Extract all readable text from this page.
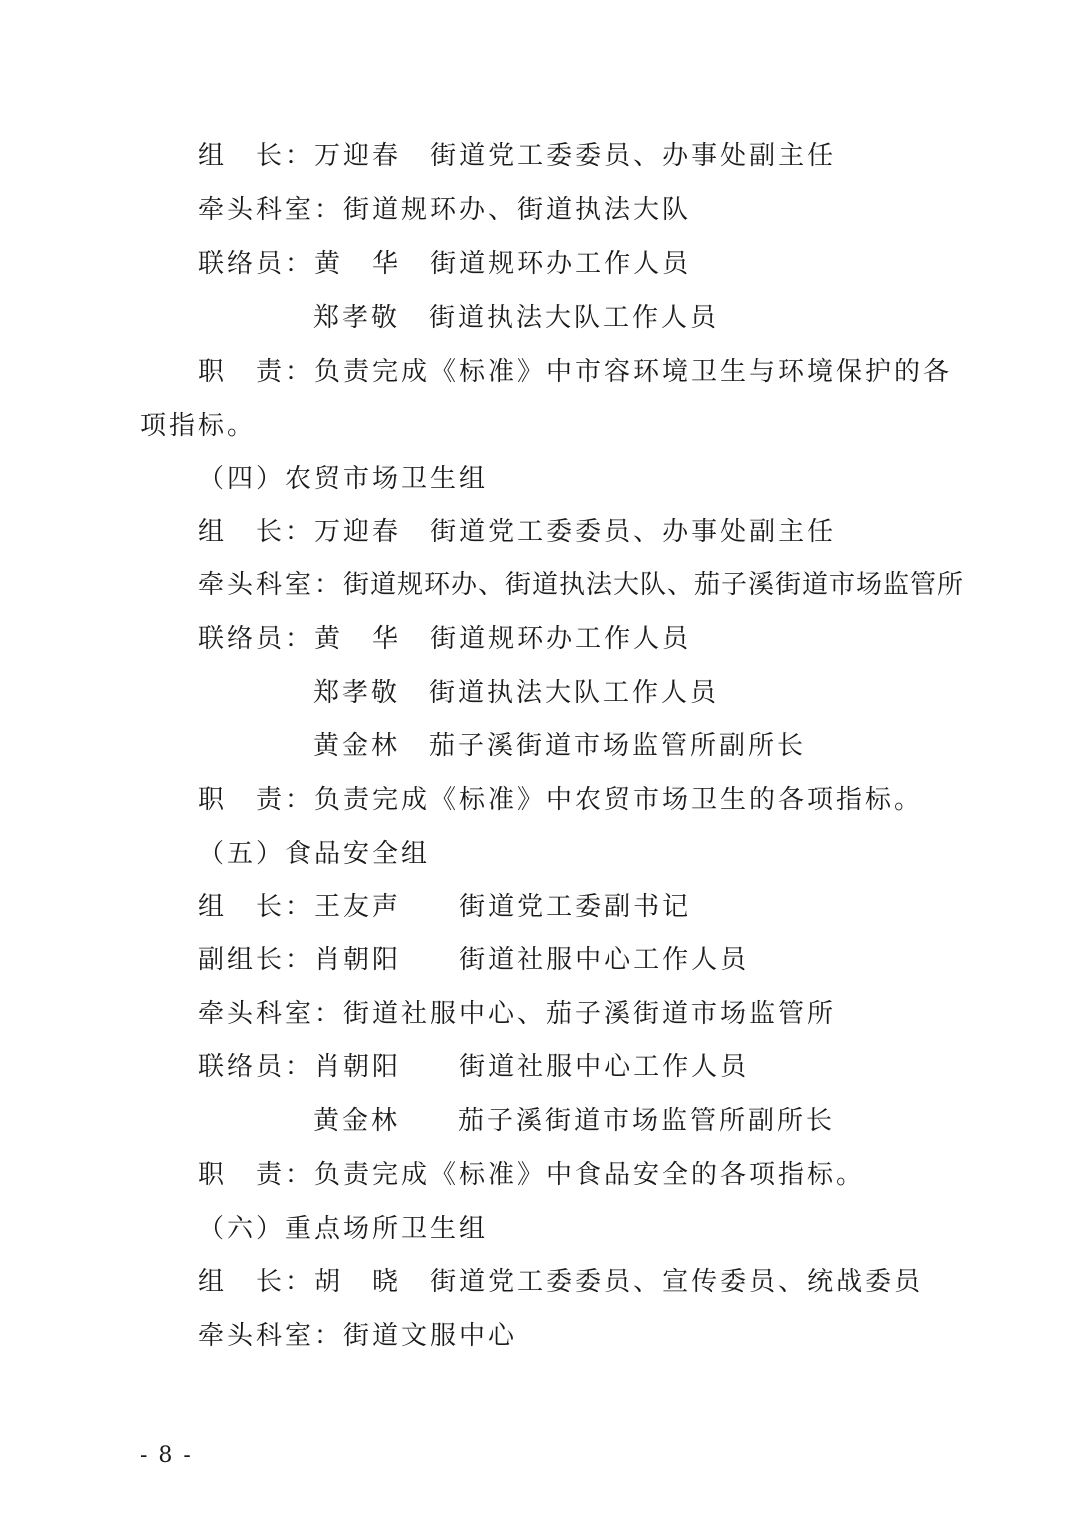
组　长：万迎春　 街道党工委委员、办事处副主任
牵头科室：街道规环办、街道执法大队
联络员：黄　华　 街道规环办工作人员
郑孝敬　 街道执法大队工作人员
职　责：负责完成《标准》中市容环境卫生与环境保护的各
项指标。
（四）农贸市场卫生组
组　长：万迎春　 街道党工委委员、办事处副主任
牵头科室：街道规环办、街道执法大队、茄子溪街道市场监管所
联络员：黄　华　 街道规环办工作人员
郑孝敬　 街道执法大队工作人员
黄金林　 茄子溪街道市场监管所副所长
职　责：负责完成《标准》中农贸市场卫生的各项指标。
（五）食品安全组
组　长：王友声　　 街道党工委副书记
副组长：肖朝阳　　 街道社服中心工作人员
牵头科室：街道社服中心、茄子溪街道市场监管所
联络员：肖朝阳　　 街道社服中心工作人员
黄金林　　 茄子溪街道市场监管所副所长
职　责：负责完成《标准》中食品安全的各项指标。
（六）重点场所卫生组
组　长：胡　晓　 街道党工委委员、宣传委员、统战委员
牵头科室：街道文服中心
- 8 -
